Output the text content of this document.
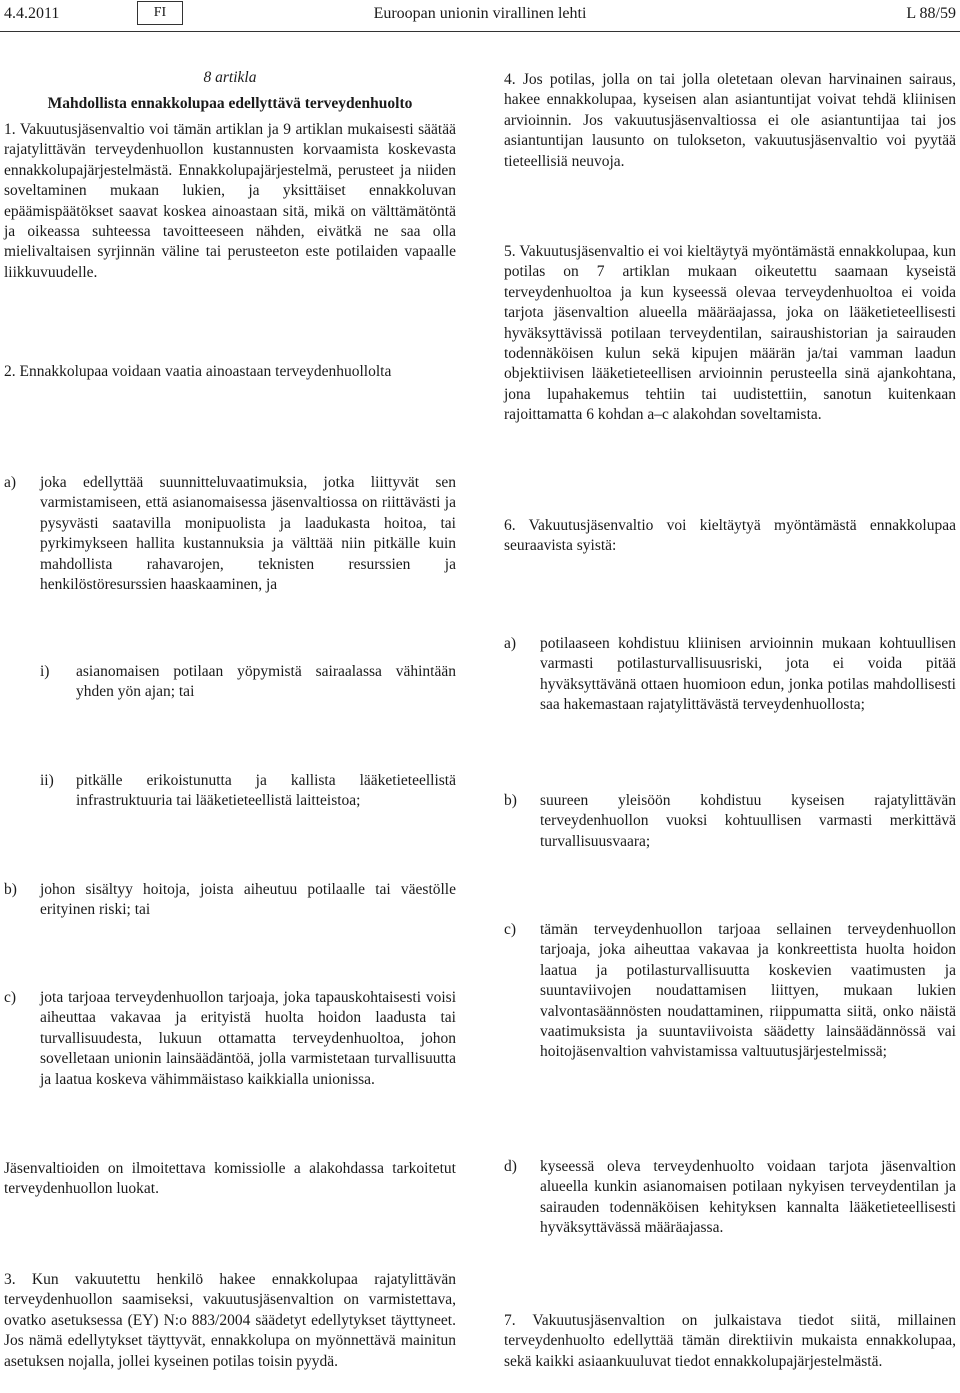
4.4.2011	FI	Euroopan unionin virallinen lehti	L 88/59
8 artikla
Mahdollista ennakkolupaa edellyttävä terveydenhuolto
1. Vakuutusjäsenvaltio voi tämän artiklan ja 9 artiklan mukaisesti säätää rajatylittävän terveydenhuollon kustannusten korvaamista koskevasta ennakkolupajärjestelmästä. Ennakkolupajärjestelmä, perusteet ja niiden soveltaminen mukaan lukien, ja yksittäiset ennakkoluvan epäämispäätökset saavat koskea ainoastaan sitä, mikä on välttämätöntä ja oikeassa suhteessa tavoitteeseen nähden, eivätkä ne saa olla mielivaltaisen syrjinnän väline tai perusteeton este potilaiden vapaalle liikkuvuudelle.
2. Ennakkolupaa voidaan vaatia ainoastaan terveydenhuollolta
a) joka edellyttää suunnitteluvaatimuksia, jotka liittyvät sen varmistamiseen, että asianomaisessa jäsenvaltiossa on riittävästi ja pysyvästi saatavilla monipuolista ja laadukasta hoitoa, tai pyrkimykseen hallita kustannuksia ja välttää niin pitkälle kuin mahdollista rahavarojen, teknisten resurssien ja henkilöstöresurssien haaskaaminen, ja
i) asianomaisen potilaan yöpymistä sairaalassa vähintään yhden yön ajan; tai
ii) pitkälle erikoistunutta ja kallista lääketieteellistä infrastruktuuria tai lääketieteellistä laitteistoa;
b) johon sisältyy hoitoja, joista aiheutuu potilaalle tai väestölle erityinen riski; tai
c) jota tarjoaa terveydenhuollon tarjoaja, joka tapauskohtaisesti voisi aiheuttaa vakavaa ja erityistä huolta hoidon laadusta tai turvallisuudesta, lukuun ottamatta terveydenhuoltoa, johon sovelletaan unionin lainsäädäntöä, jolla varmistetaan turvallisuutta ja laatua koskeva vähimmäistaso kaikkialla unionissa.
Jäsenvaltioiden on ilmoitettava komissiolle a alakohdassa tarkoitetut terveydenhuollon luokat.
3. Kun vakuutettu henkilö hakee ennakkolupaa rajatylittävän terveydenhuollon saamiseksi, vakuutusjäsenvaltion on varmistettava, ovatko asetuksessa (EY) N:o 883/2004 säädetyt edellytykset täyttyneet. Jos nämä edellytykset täyttyvät, ennakkolupa on myönnettävä mainitun asetuksen nojalla, jollei kyseinen potilas toisin pyydä.
4. Jos potilas, jolla on tai jolla oletetaan olevan harvinainen sairaus, hakee ennakkolupaa, kyseisen alan asiantuntijat voivat tehdä kliinisen arvioinnin. Jos vakuutusjäsenvaltiossa ei ole asiantuntijaa tai jos asiantuntijan lausunto on tulokseton, vakuutusjäsenvaltio voi pyytää tieteellisiä neuvoja.
5. Vakuutusjäsenvaltio ei voi kieltäytyä myöntämästä ennakkolupaa, kun potilas on 7 artiklan mukaan oikeutettu saamaan kyseistä terveydenhuoltoa ja kun kyseessä olevaa terveydenhuoltoa ei voida tarjota jäsenvaltion alueella määräajassa, joka on lääketieteellisesti hyväksyttävissä potilaan terveydentilan, sairaushistorian ja sairauden todennäköisen kulun sekä kipujen määrän ja/tai vamman laadun objektiivisen lääketieteellisen arvioinnin perusteella sinä ajankohtana, jona lupahakemus tehtiin tai uudistettiin, sanotun kuitenkaan rajoittamatta 6 kohdan a–c alakohdan soveltamista.
6. Vakuutusjäsenvaltio voi kieltäytyä myöntämästä ennakkolupaa seuraavista syistä:
a) potilaaseen kohdistuu kliinisen arvioinnin mukaan kohtuullisen varmasti potilasturvallisuusriski, jota ei voida pitää hyväksyttävänä ottaen huomioon edun, jonka potilas mahdollisesti saa hakemastaan rajatylittävästä terveydenhuollosta;
b) suureen yleisöön kohdistuu kyseisen rajatylittävän terveydenhuollon vuoksi kohtuullisen varmasti merkittävä turvallisuusvaara;
c) tämän terveydenhuollon tarjoaa sellainen terveydenhuollon tarjoaja, joka aiheuttaa vakavaa ja konkreettista huolta hoidon laatua ja potilasturvallisuutta koskevien vaatimusten ja suuntaviivojen noudattamisen liittyen, mukaan lukien valvontasäännösten noudattaminen, riippumatta siitä, onko näistä vaatimuksista ja suuntaviivoista säädetty lainsäädännössä vai hoitojäsenvaltion vahvistamissa valtuutusjärjestelmissä;
d) kyseessä oleva terveydenhuolto voidaan tarjota jäsenvaltion alueella kunkin asianomaisen potilaan nykyisen terveydentilan ja sairauden todennäköisen kehityksen kannalta lääketieteellisesti hyväksyttävässä määräajassa.
7. Vakuutusjäsenvaltion on julkaistava tiedot siitä, millainen terveydenhuolto edellyttää tämän direktiivin mukaista ennakkolupaa, sekä kaikki asiaankuuluvat tiedot ennakkolupajärjestelmästä.
